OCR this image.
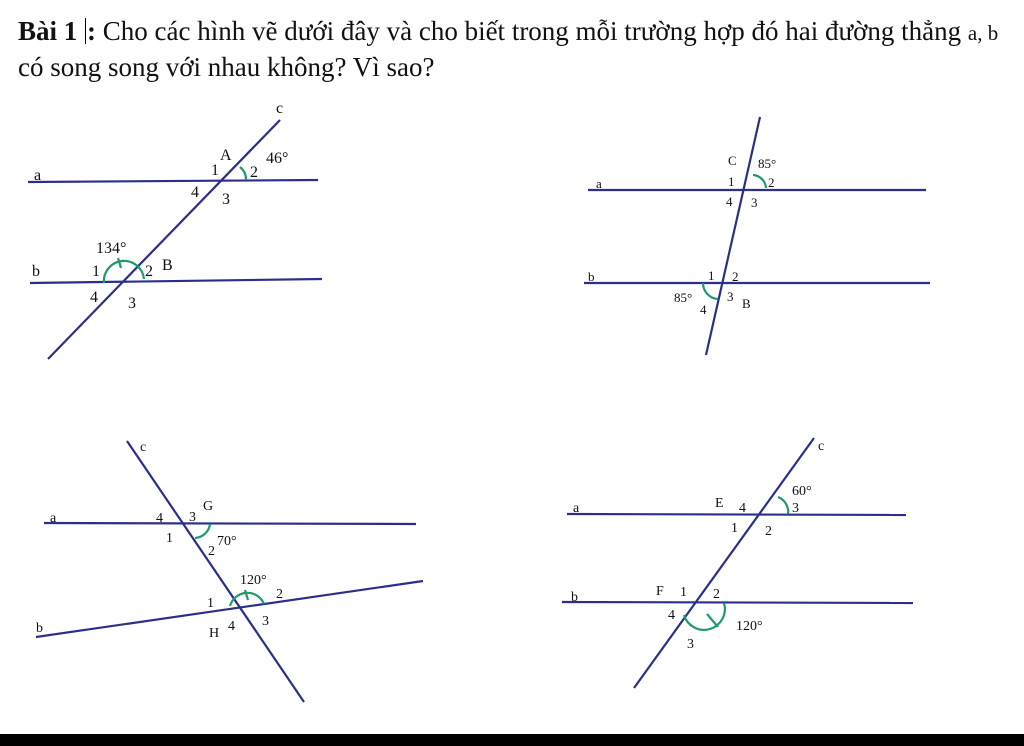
Bài 1 : Cho các hình vẽ dưới đây và cho biết trong mỗi trường hợp đó hai đường thẳng a, b có song song với nhau không? Vì sao?
c
a
b
A
B
46°
134°
1 2
3
4
1	2
3
4
a
b
C
B
85°
85°
1	2
3
4
1 2
3
4
c
a
b
G
H
70°
120°
1
2
3
4
1
2
3
4
c
a
b
E
F
60°
120°
1 2
3
4
1 2
3
4
